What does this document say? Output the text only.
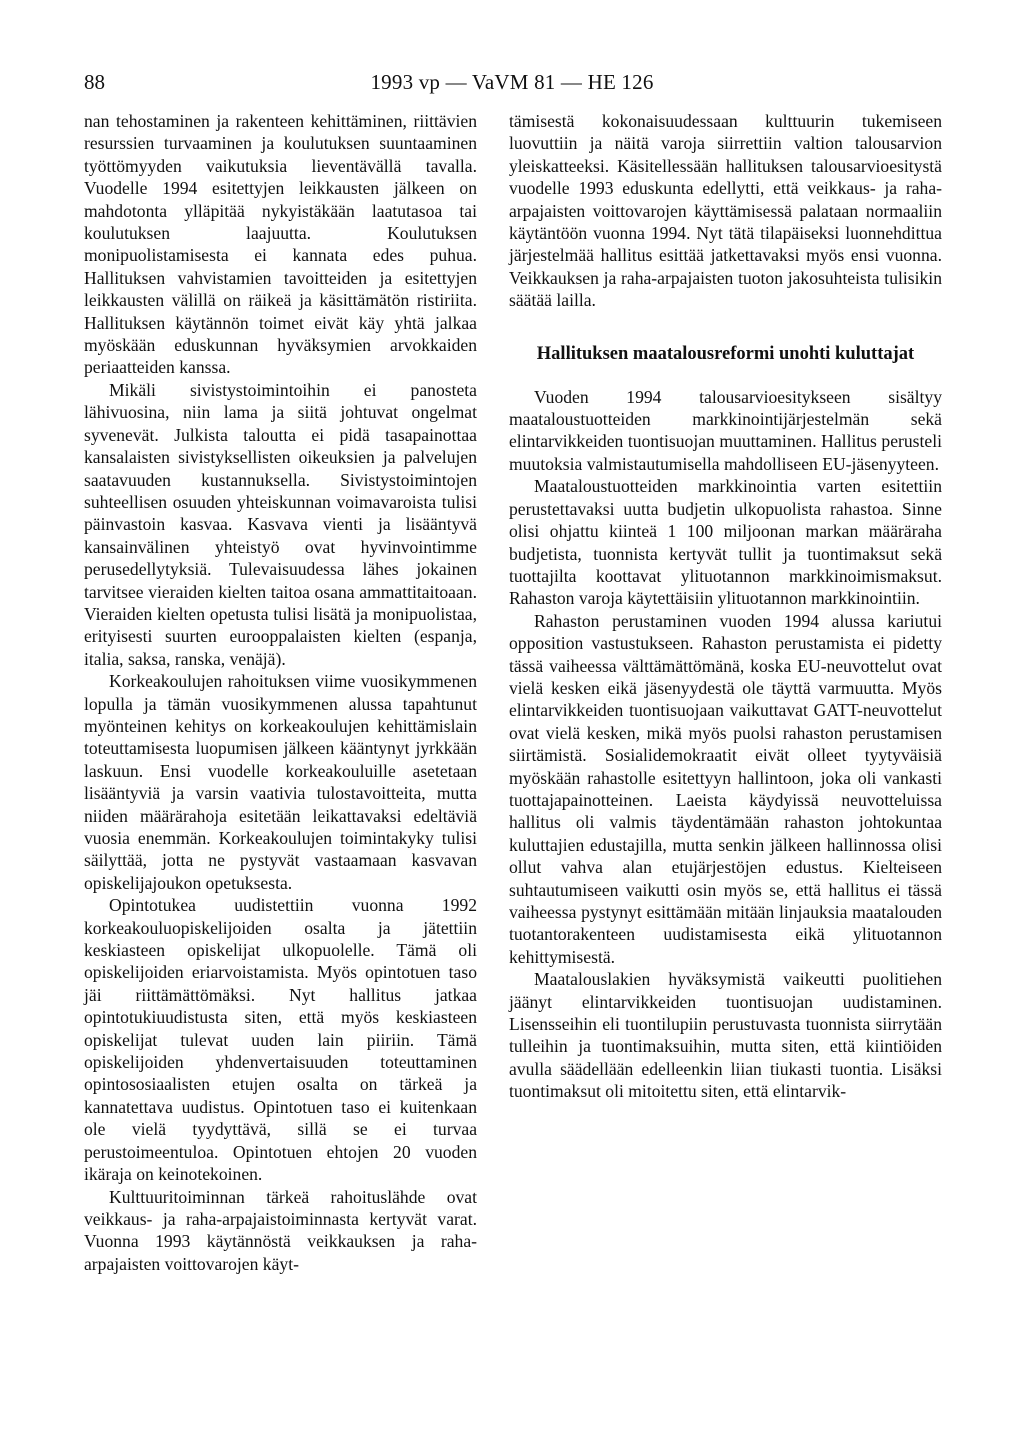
88	1993 vp — VaVM 81 — HE 126

nan tehostaminen ja rakenteen kehittäminen, riittävien resurssien turvaaminen ja koulutuksen suuntaaminen työttömyyden vaikutuksia lieventävällä tavalla. Vuodelle 1994 esitettyjen leikkausten jälkeen on mahdotonta ylläpitää nykyistäkään laatutasoa tai koulutuksen laajuutta. Koulutuksen monipuolistamisesta ei kannata edes puhua. Hallituksen vahvistamien tavoitteiden ja esitettyjen leikkausten välillä on räikeä ja käsittämätön ristiriita. Hallituksen käytännön toimet eivät käy yhtä jalkaa myöskään eduskunnan hyväksymien arvokkaiden periaatteiden kanssa.

Mikäli sivistystoimintoihin ei panosteta lähivuosina, niin lama ja siitä johtuvat ongelmat syvenevät. Julkista taloutta ei pidä tasapainottaa kansalaisten sivistyksellisten oikeuksien ja palvelujen saatavuuden kustannuksella. Sivistystoimintojen suhteellisen osuuden yhteiskunnan voimavaroista tulisi päinvastoin kasvaa. Kasvava vienti ja lisääntyvä kansainvälinen yhteistyö ovat hyvinvointimme perusedellytyksiä. Tulevaisuudessa lähes jokainen tarvitsee vieraiden kielten taitoa osana ammattitaitoaan. Vieraiden kielten opetusta tulisi lisätä ja monipuolistaa, erityisesti suurten eurooppalaisten kielten (espanja, italia, saksa, ranska, venäjä).

Korkeakoulujen rahoituksen viime vuosikymmenen lopulla ja tämän vuosikymmenen alussa tapahtunut myönteinen kehitys on korkeakoulujen kehittämislain toteuttamisesta luopumisen jälkeen kääntynyt jyrkkään laskuun. Ensi vuodelle korkeakouluille asetetaan lisääntyviä ja varsin vaativia tulostavoitteita, mutta niiden määrärahoja esitetään leikattavaksi edeltäviä vuosia enemmän. Korkeakoulujen toimintakyky tulisi säilyttää, jotta ne pystyvät vastaamaan kasvavan opiskelijajoukon opetuksesta.

Opintotukea uudistettiin vuonna 1992 korkeakouluopiskelijoiden osalta ja jätettiin keskiasteen opiskelijat ulkopuolelle. Tämä oli opiskelijoiden eriarvoistamista. Myös opintotuen taso jäi riittämättömäksi. Nyt hallitus jatkaa opintotukiuudistusta siten, että myös keskiasteen opiskelijat tulevat uuden lain piiriin. Tämä opiskelijoiden yhdenvertaisuuden toteuttaminen opintososiaalisten etujen osalta on tärkeä ja kannatettava uudistus. Opintotuen taso ei kuitenkaan ole vielä tyydyttävä, sillä se ei turvaa perustoimeentuloa. Opintotuen ehtojen 20 vuoden ikäraja on keinotekoinen.

Kulttuuritoiminnan tärkeä rahoituslähde ovat veikkaus- ja raha-arpajaistoiminnasta kertyvät varat. Vuonna 1993 käytännöstä veikkauksen ja raha-arpajaisten voittovarojen käyt-

tämisestä kokonaisuudessaan kulttuurin tukemiseen luovuttiin ja näitä varoja siirrettiin valtion talousarvion yleiskatteeksi. Käsitellessään hallituksen talousarvioesitystä vuodelle 1993 eduskunta edellytti, että veikkaus- ja raha-arpajaisten voittovarojen käyttämisessä palataan normaaliin käytäntöön vuonna 1994. Nyt tätä tilapäiseksi luonnehdittua järjestelmää hallitus esittää jatkettavaksi myös ensi vuonna. Veikkauksen ja raha-arpajaisten tuoton jakosuhteista tulisikin säätää lailla.

Hallituksen maatalousreformi unohti kuluttajat

Vuoden 1994 talousarvioesitykseen sisältyy maataloustuotteiden markkinointijärjestelmän sekä elintarvikkeiden tuontisuojan muuttaminen. Hallitus perusteli muutoksia valmistautumisella mahdolliseen EU-jäsenyyteen.

Maataloustuotteiden markkinointia varten esitettiin perustettavaksi uutta budjetin ulkopuolista rahastoa. Sinne olisi ohjattu kiinteä 1 100 miljoonan markan määräraha budjetista, tuonnista kertyvät tullit ja tuontimaksut sekä tuottajilta koottavat ylituotannon markkinoimismaksut. Rahaston varoja käytettäisiin ylituotannon markkinointiin.

Rahaston perustaminen vuoden 1994 alussa kariutui opposition vastustukseen. Rahaston perustamista ei pidetty tässä vaiheessa välttämättömänä, koska EU-neuvottelut ovat vielä kesken eikä jäsenyydestä ole täyttä varmuutta. Myös elintarvikkeiden tuontisuojaan vaikuttavat GATT-neuvottelut ovat vielä kesken, mikä myös puolsi rahaston perustamisen siirtämistä. Sosialidemokraatit eivät olleet tyytyväisiä myöskään rahastolle esitettyyn hallintoon, joka oli vankasti tuottajapainotteinen. Laeista käydyissä neuvotteluissa hallitus oli valmis täydentämään rahaston johtokuntaa kuluttajien edustajilla, mutta senkin jälkeen hallinnossa olisi ollut vahva alan etujärjestöjen edustus. Kielteiseen suhtautumiseen vaikutti osin myös se, että hallitus ei tässä vaiheessa pystynyt esittämään mitään linjauksia maatalouden tuotantorakenteen uudistamisesta eikä ylituotannon kehittymisestä.

Maatalouslakien hyväksymistä vaikeutti puolitiehen jäänyt elintarvikkeiden tuontisuojan uudistaminen. Lisensseihin eli tuontilupiin perustuvasta tuonnista siirrytään tulleihin ja tuontimaksuihin, mutta siten, että kiintiöiden avulla säädellään edelleenkin liian tiukasti tuontia. Lisäksi tuontimaksut oli mitoitettu siten, että elintarvik-
